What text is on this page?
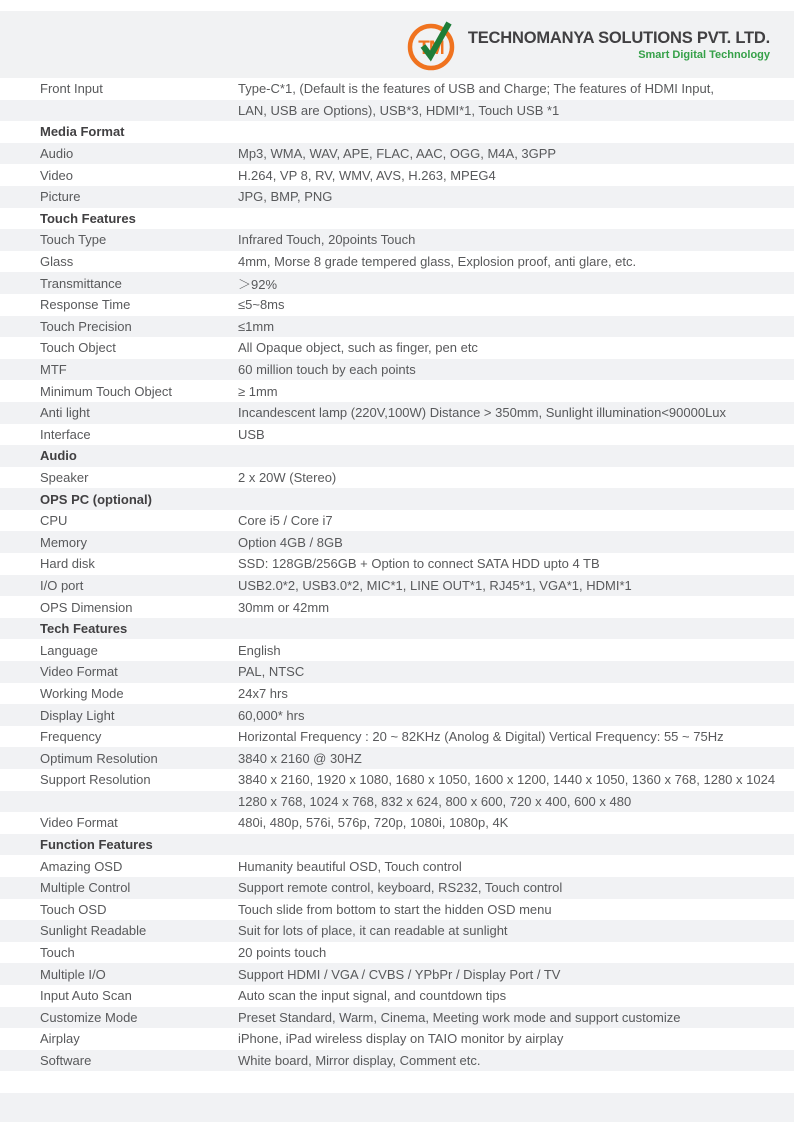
TM TECHNOMANYA SOLUTIONS PVT. LTD.
Smart Digital Technology
Front Input	Type-C*1, (Default is the features of USB and Charge; The features of HDMI Input,
LAN, USB are Options), USB*3, HDMI*1, Touch USB *1
Media Format
Audio	Mp3, WMA, WAV, APE, FLAC, AAC, OGG, M4A, 3GPP
Video	H.264, VP 8, RV, WMV, AVS, H.263, MPEG4
Picture	JPG, BMP, PNG
Touch Features
Touch Type	Infrared Touch, 20points Touch
Glass	4mm, Morse 8 grade tempered glass, Explosion proof, anti glare, etc.
Transmittance	＞92%
Response Time	≤5~8ms
Touch Precision	≤1mm
Touch Object	All Opaque object, such as finger, pen etc
MTF	60 million touch by each points
Minimum Touch Object	≥ 1mm
Anti light	Incandescent lamp (220V,100W) Distance > 350mm, Sunlight illumination<90000Lux
Interface	USB
Audio
Speaker	2 x 20W (Stereo)
OPS PC (optional)
CPU	Core i5 / Core i7
Memory	Option 4GB / 8GB
Hard disk	SSD: 128GB/256GB + Option to connect SATA HDD upto 4 TB
I/O port	USB2.0*2, USB3.0*2, MIC*1, LINE OUT*1, RJ45*1, VGA*1, HDMI*1
OPS Dimension	30mm or 42mm
Tech Features
Language	English
Video Format	PAL, NTSC
Working Mode	24x7 hrs
Display Light	60,000* hrs
Frequency	Horizontal Frequency : 20 ~ 82KHz (Anolog & Digital) Vertical Frequency: 55 ~ 75Hz
Optimum Resolution	3840 x 2160 @ 30HZ
Support Resolution	3840 x 2160, 1920 x 1080, 1680 x 1050, 1600 x 1200, 1440 x 1050, 1360 x 768, 1280 x 1024
1280 x 768, 1024 x 768, 832 x 624, 800 x 600, 720 x 400, 600 x 480
Video Format	480i, 480p, 576i, 576p, 720p, 1080i, 1080p, 4K
Function Features
Amazing OSD	Humanity beautiful OSD, Touch control
Multiple Control	Support remote control, keyboard, RS232, Touch control
Touch OSD	Touch slide from bottom to start the hidden OSD menu
Sunlight Readable	Suit for lots of place, it can readable at sunlight
Touch	20 points touch
Multiple I/O	Support HDMI / VGA / CVBS / YPbPr / Display Port / TV
Input Auto Scan	Auto scan the input signal, and countdown tips
Customize Mode	Preset Standard, Warm, Cinema, Meeting work mode and support customize
Airplay	iPhone, iPad wireless display on TAIO monitor by airplay
Software	White board, Mirror display, Comment etc.
